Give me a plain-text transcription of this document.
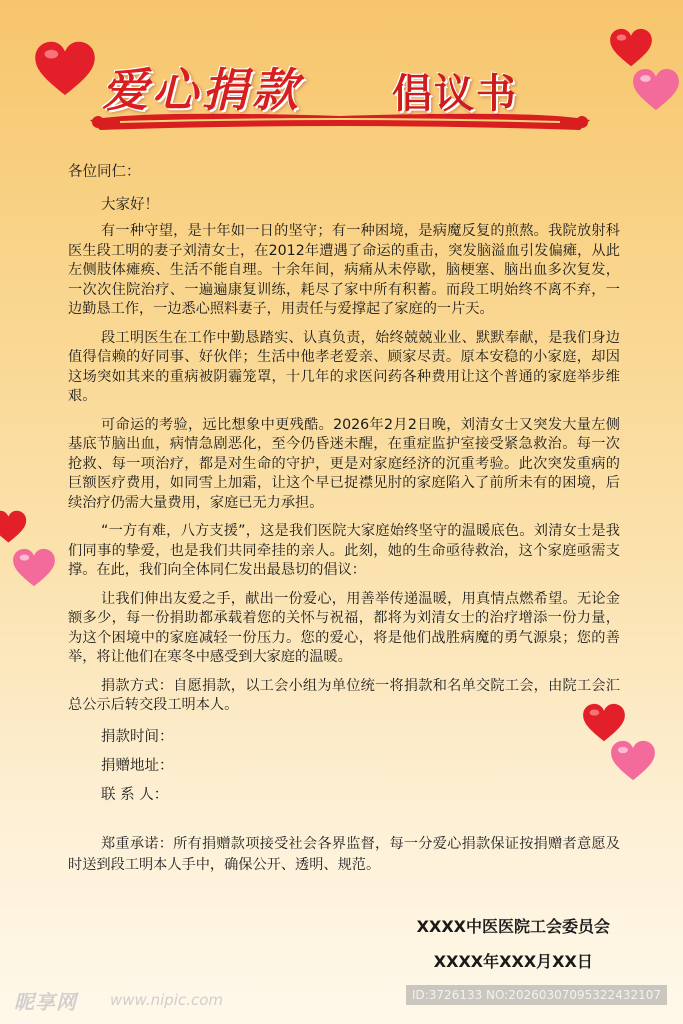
爱心捐款 倡议书

各位同仁：

大家好！

有一种守望，是十年如一日的坚守；有一种困境，是病魔反复的煎熬。我院放射科医生段工明的妻子刘清女士，在2012年遭遇了命运的重击，突发脑溢血引发偏瘫，从此左侧肢体瘫痪、生活不能自理。十余年间，病痛从未停歇，脑梗塞、脑出血多次复发，一次次住院治疗、一遍遍康复训练，耗尽了家中所有积蓄。而段工明始终不离不弃，一边勤恳工作，一边悉心照料妻子，用责任与爱撑起了家庭的一片天。

段工明医生在工作中勤恳踏实、认真负责，始终兢兢业业、默默奉献，是我们身边值得信赖的好同事、好伙伴；生活中他孝老爱亲、顾家尽责。原本安稳的小家庭，却因这场突如其来的重病被阴霾笼罩，十几年的求医问药各种费用让这个普通的家庭举步维艰。

可命运的考验，远比想象中更残酷。2026年2月2日晚，刘清女士又突发大量左侧基底节脑出血，病情急剧恶化，至今仍昏迷未醒，在重症监护室接受紧急救治。每一次抢救、每一项治疗，都是对生命的守护，更是对家庭经济的沉重考验。此次突发重病的巨额医疗费用，如同雪上加霜，让这个早已捉襟见肘的家庭陷入了前所未有的困境，后续治疗仍需大量费用，家庭已无力承担。

“一方有难，八方支援”，这是我们医院大家庭始终坚守的温暖底色。刘清女士是我们同事的挚爱，也是我们共同牵挂的亲人。此刻，她的生命亟待救治，这个家庭亟需支撑。在此，我们向全体同仁发出最恳切的倡议：

让我们伸出友爱之手，献出一份爱心，用善举传递温暖，用真情点燃希望。无论金额多少，每一份捐助都承载着您的关怀与祝福，都将为刘清女士的治疗增添一份力量，为这个困境中的家庭减轻一份压力。您的爱心，将是他们战胜病魔的勇气源泉；您的善举，将让他们在寒冬中感受到大家庭的温暖。

捐款方式：自愿捐款，以工会小组为单位统一将捐款和名单交院工会，由院工会汇总公示后转交段工明本人。

捐款时间：

捐赠地址：

联 系 人：

郑重承诺：所有捐赠款项接受社会各界监督，每一分爱心捐款保证按捐赠者意愿及时送到段工明本人手中，确保公开、透明、规范。

XXXX中医医院工会委员会
XXXX年XXX月XX日
昵享网 www.nipic.com	ID:3726133 NO:20260307095322432107
